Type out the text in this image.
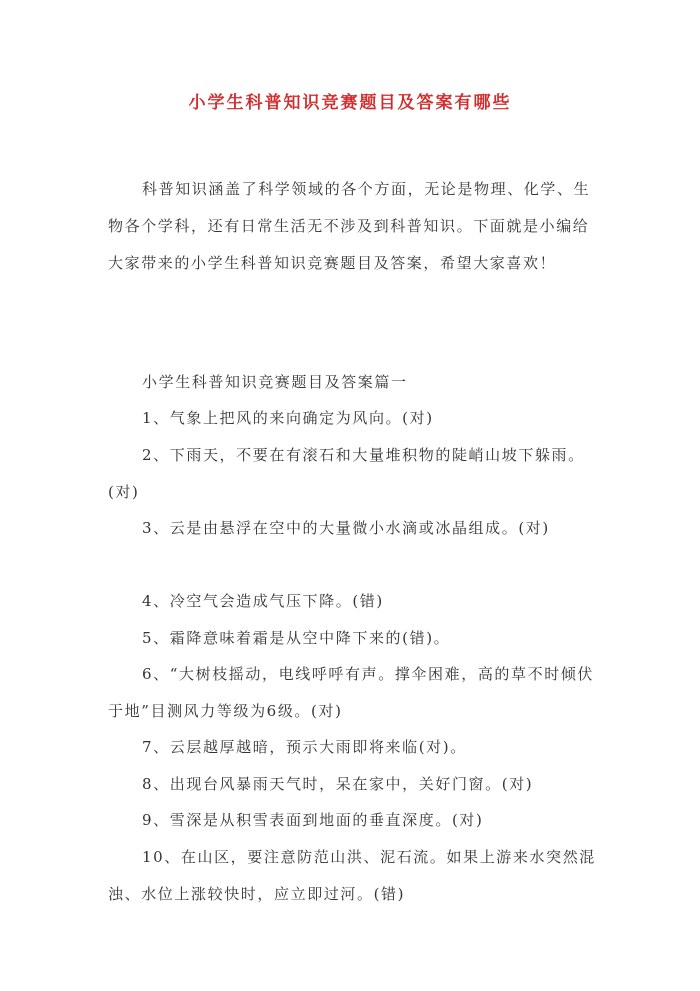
小学生科普知识竞赛题目及答案有哪些

科普知识涵盖了科学领域的各个方面，无论是物理、化学、生物各个学科，还有日常生活无不涉及到科普知识。下面就是小编给大家带来的小学生科普知识竞赛题目及答案，希望大家喜欢！

小学生科普知识竞赛题目及答案篇一

1、气象上把风的来向确定为风向。(对)

2、下雨天，不要在有滚石和大量堆积物的陡峭山坡下躲雨。(对)

3、云是由悬浮在空中的大量微小水滴或冰晶组成。(对)

4、冷空气会造成气压下降。(错)

5、霜降意味着霜是从空中降下来的(错)。

6、“大树枝摇动，电线呼呼有声。撑伞困难，高的草不时倾伏于地”目测风力等级为6级。(对)

7、云层越厚越暗，预示大雨即将来临(对)。

8、出现台风暴雨天气时，呆在家中，关好门窗。(对)

9、雪深是从积雪表面到地面的垂直深度。(对)

10、在山区，要注意防范山洪、泥石流。如果上游来水突然混浊、水位上涨较快时，应立即过河。(错)
